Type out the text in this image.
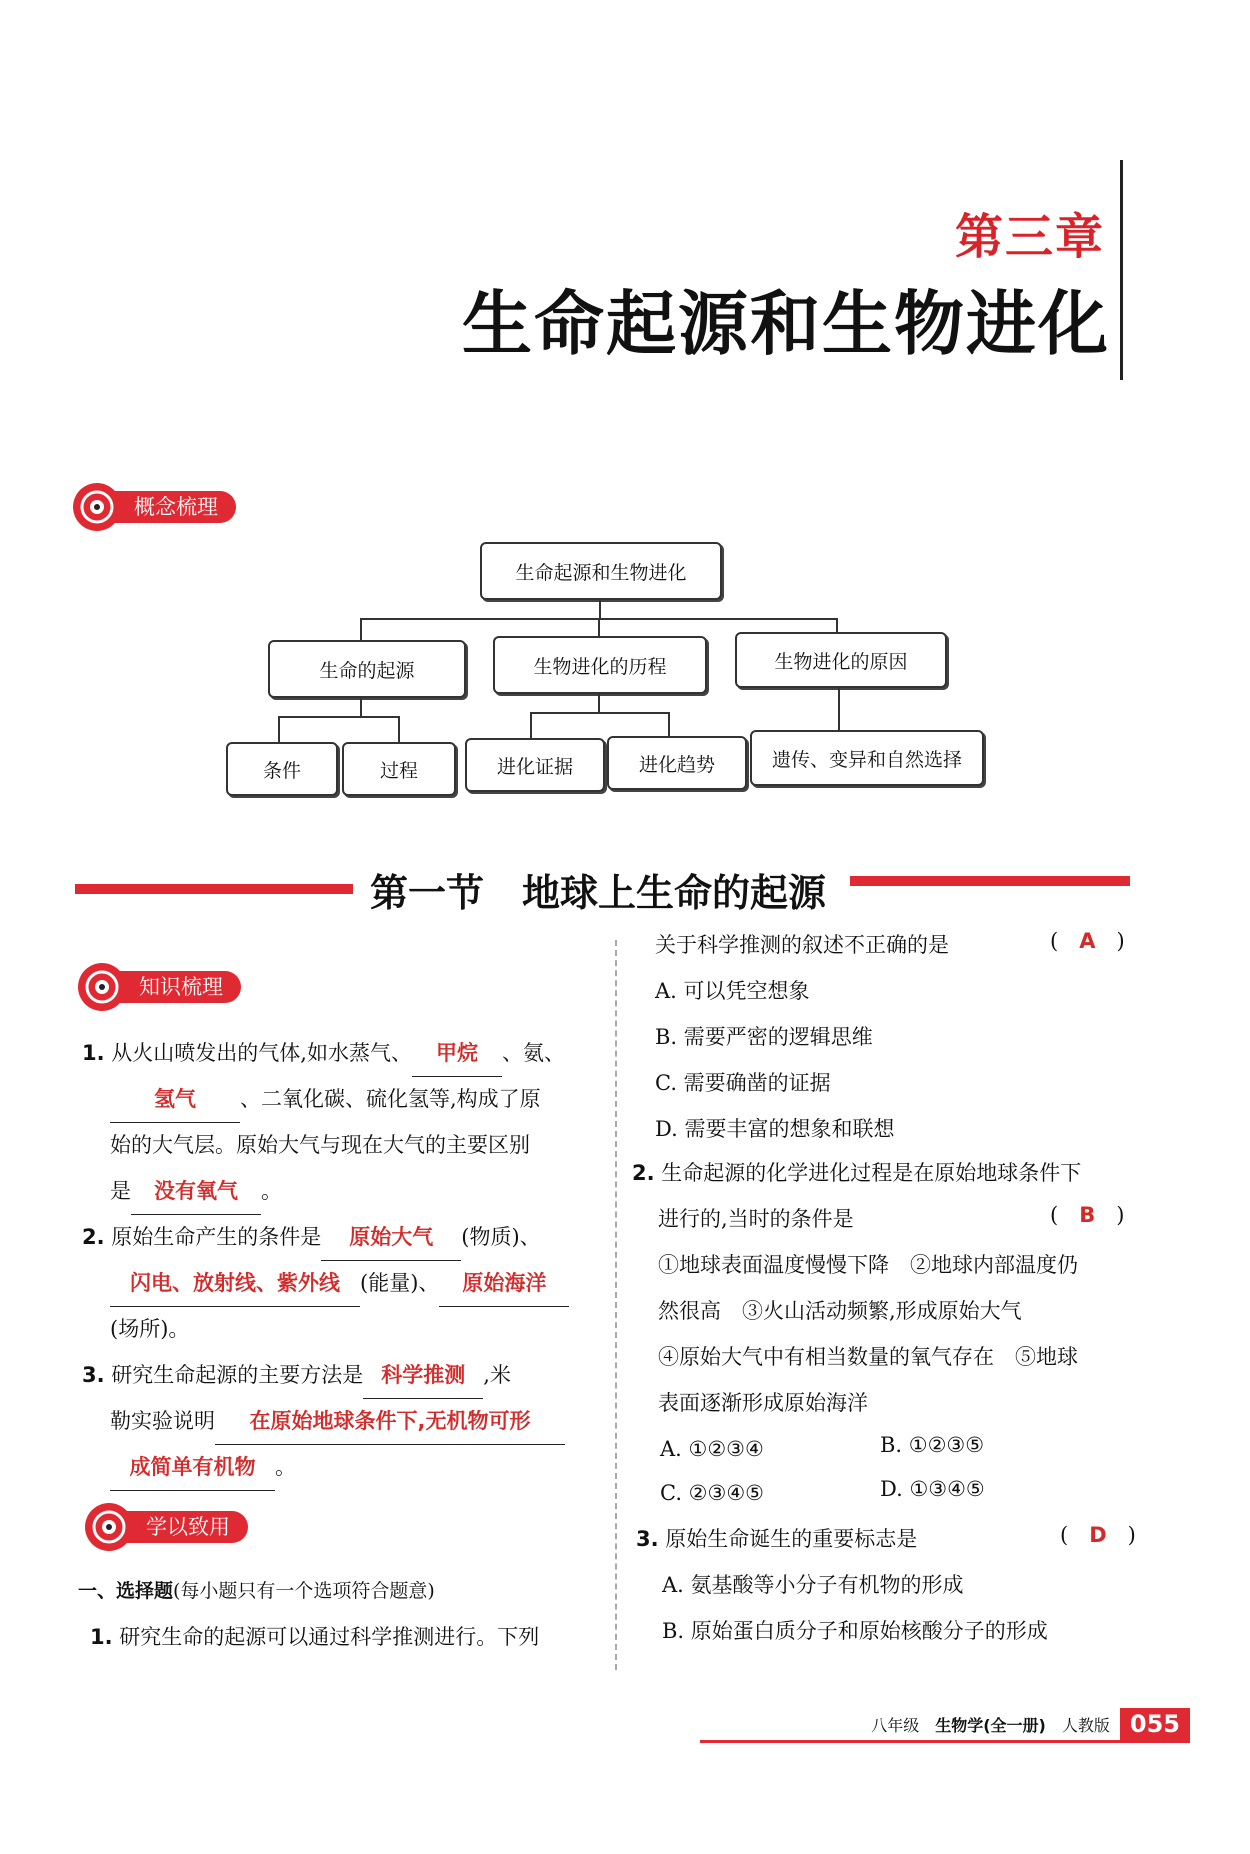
第三章
生命起源和生物进化
概念梳理
生命起源和生物进化
生命的起源	生物进化的历程	生物进化的原因
条件	过程	进化证据	进化趋势	遗传、变异和自然选择
第一节　地球上生命的起源
知识梳理
1. 从火山喷发出的气体,如水蒸气、 甲烷 、氨、
氢气 、二氧化碳、硫化氢等,构成了原
始的大气层。原始大气与现在大气的主要区别
是 没有氧气 。
2. 原始生命产生的条件是 原始大气 (物质)、
闪电、放射线、紫外线 (能量)、 原始海洋
(场所)。
3. 研究生命起源的主要方法是 科学推测 ,米
勒实验说明 在原始地球条件下,无机物可形
成简单有机物 。
学以致用
一、选择题(每小题只有一个选项符合题意)
1. 研究生命的起源可以通过科学推测进行。下列
关于科学推测的叙述不正确的是	(　A　)
A. 可以凭空想象
B. 需要严密的逻辑思维
C. 需要确凿的证据
D. 需要丰富的想象和联想
2. 生命起源的化学进化过程是在原始地球条件下
进行的,当时的条件是	(　B　)
①地球表面温度慢慢下降　②地球内部温度仍
然很高　③火山活动频繁,形成原始大气
④原始大气中有相当数量的氧气存在　⑤地球
表面逐渐形成原始海洋
A. ①②③④	B. ①②③⑤
C. ②③④⑤	D. ①③④⑤
3. 原始生命诞生的重要标志是	(　D　)
A. 氨基酸等小分子有机物的形成
B. 原始蛋白质分子和原始核酸分子的形成
八年级 生物学(全一册) 人教版 055
